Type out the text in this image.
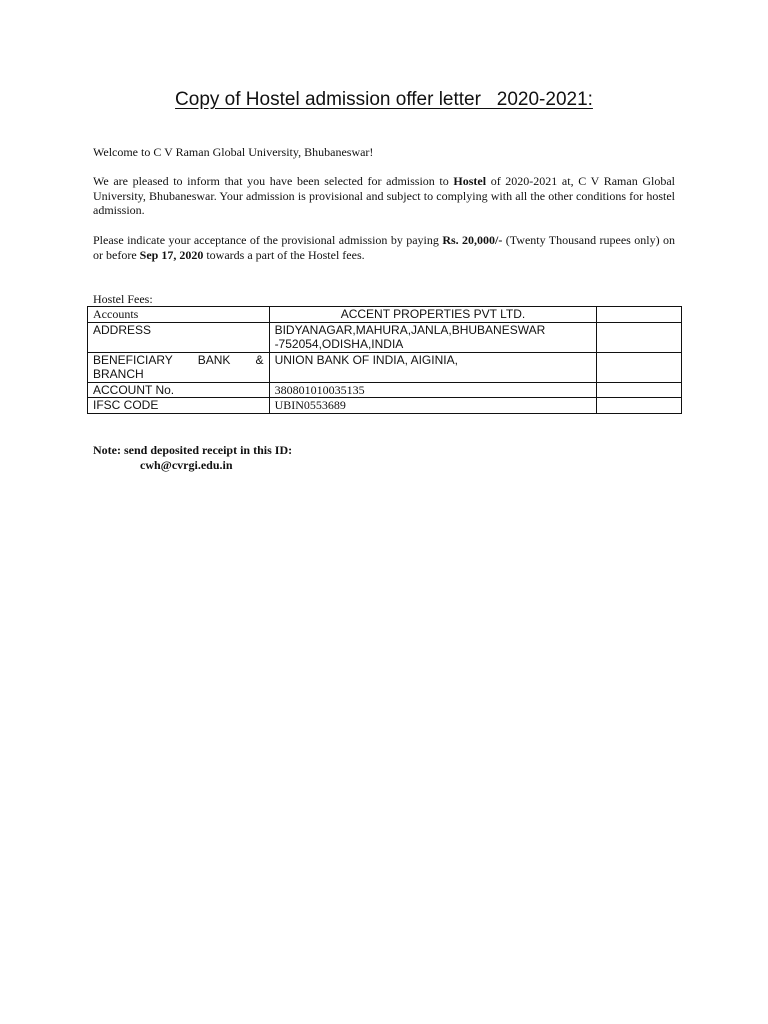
Copy of Hostel admission offer letter   2020-2021:
Welcome to C V Raman Global University, Bhubaneswar!
We are pleased to inform that you have been selected for admission to Hostel of 2020-2021 at, C V Raman Global University, Bhubaneswar. Your admission is provisional and subject to complying with all the other conditions for hostel admission.
Please indicate your acceptance of the provisional admission by paying Rs. 20,000/- (Twenty Thousand rupees only) on or before Sep 17, 2020 towards a part of the Hostel fees.
Hostel Fees:
Accounts	ACCENT PROPERTIES PVT LTD.	
ADDRESS	BIDYANAGAR,MAHURA,JANLA,BHUBANESWAR
-752054,ODISHA,INDIA	

BENEFICIARY BANK &
BRANCH	UNION BANK OF INDIA, AIGINIA,	
ACCOUNT No.	380801010035135	
IFSC CODE	UBIN0553689	
Note: send deposited receipt in this ID:
cwh@cvrgi.edu.in
